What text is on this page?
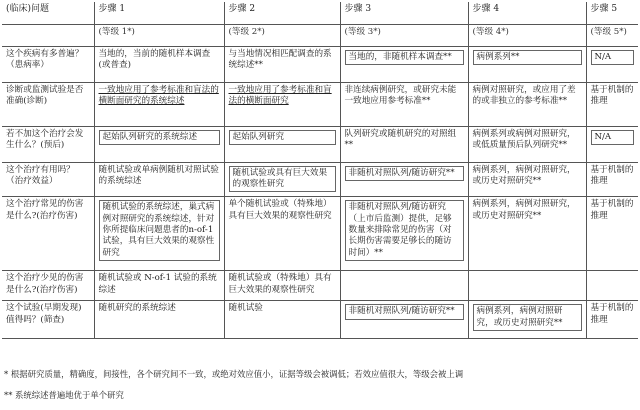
(临床)问题	步骤 1	步骤 2	步骤 3	步骤 4	步骤 5
	(等级 1*)	(等级 2*)	(等级 3*)	(等级 4*)	(等级 5*)
这个疾病有多普遍？（患病率）	当地的，当前的随机样本调查(或普查)	与当地情况相匹配调查的系统综述**	当地的，非随机样本调查**	病例系列**	N/A

诊断或监测试验是否准确(诊断)	一致地应用了参考标准和盲法的横断面研究的系统综述	一致地应用了参考标准和盲法的横断面研究	非连续病例研究，或研究未能一致地应用参考标准**	病例对照研究，或应用了差的或非独立的参考标准**	基于机制的推理
若不加这个治疗会发生什么？(预后)	起始队列研究的系统综述	起始队列研究	队列研究或随机研究的对照组**	病例系列或病例对照研究，或低质量预后队列研究**	N/A

这个治疗有用吗？（治疗效益）	随机试验或单病例随机对照试验的系统综述	随机试验或具有巨大效果的观察性研究	非随机对照队列/随访研究**	病例系列，病例对照研究，或历史对照研究**	基于机制的推理
这个治疗常见的伤害是什么?(治疗伤害)	随机试验的系统综述，巢式病例对照研究的系统综述，针对你所提临床问题患者的n-of-1 试验，具有巨大效果的观察性研究	单个随机试验或（特殊地）具有巨大效果的观察性研究	非随机对照队列/随访研究（上市后监测）提供，足够数量来排除常见的伤害（对长期伤害需要足够长的随访时间）**	病例系列，病例对照研究，或历史对照研究**	基于机制的推理
这个治疗少见的伤害是什么?(治疗伤害)	随机试验或 N-of-1 试验的系统综述	随机试验或（特殊地）具有巨大效果的观察性研究			
这个试验(早期发现)值得吗？(筛查)	随机研究的系统综述	随机试验	非随机对照队列/随访研究**	病例系列，病例对照研究，或历史对照研究**	基于机制的推理
* 根据研究质量，精确度，间接性，各个研究间不一致，或绝对效应值小，证据等级会被调低；若效应值很大，等级会被上调
** 系统综述普遍地优于单个研究
